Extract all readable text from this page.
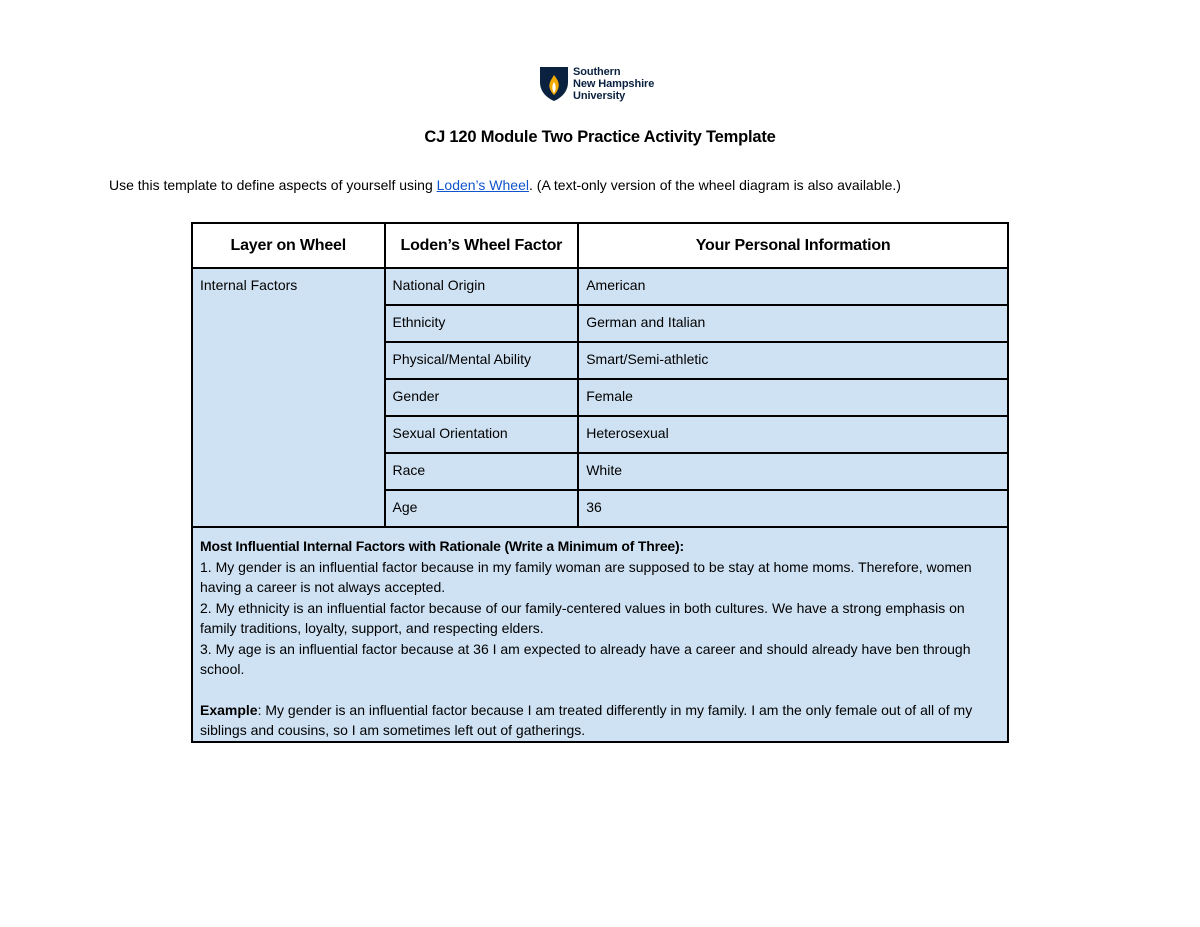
Southern
New Hampshire
University
CJ 120 Module Two Practice Activity Template
Use this template to define aspects of yourself using Loden’s Wheel. (A text-only version of the wheel diagram is also available.)
Layer on Wheel	Loden’s Wheel Factor	Your Personal Information
Internal Factors	National Origin	American
	Ethnicity	German and Italian
	Physical/Mental Ability	Smart/Semi-athletic
	Gender	Female
	Sexual Orientation	Heterosexual
	Race	White
	Age	36

Most Influential Internal Factors with Rationale (Write a Minimum of Three):
1. My gender is an influential factor because in my family woman are supposed to be stay at home moms. Therefore, women having a career is not always accepted.
2. My ethnicity is an influential factor because of our family-centered values in both cultures. We have a strong emphasis on family traditions, loyalty, support, and respecting elders.
3. My age is an influential factor because at 36 I am expected to already have a career and should already have ben through school.
Example: My gender is an influential factor because I am treated differently in my family. I am the only female out of all of my siblings and cousins, so I am sometimes left out of gatherings.		
